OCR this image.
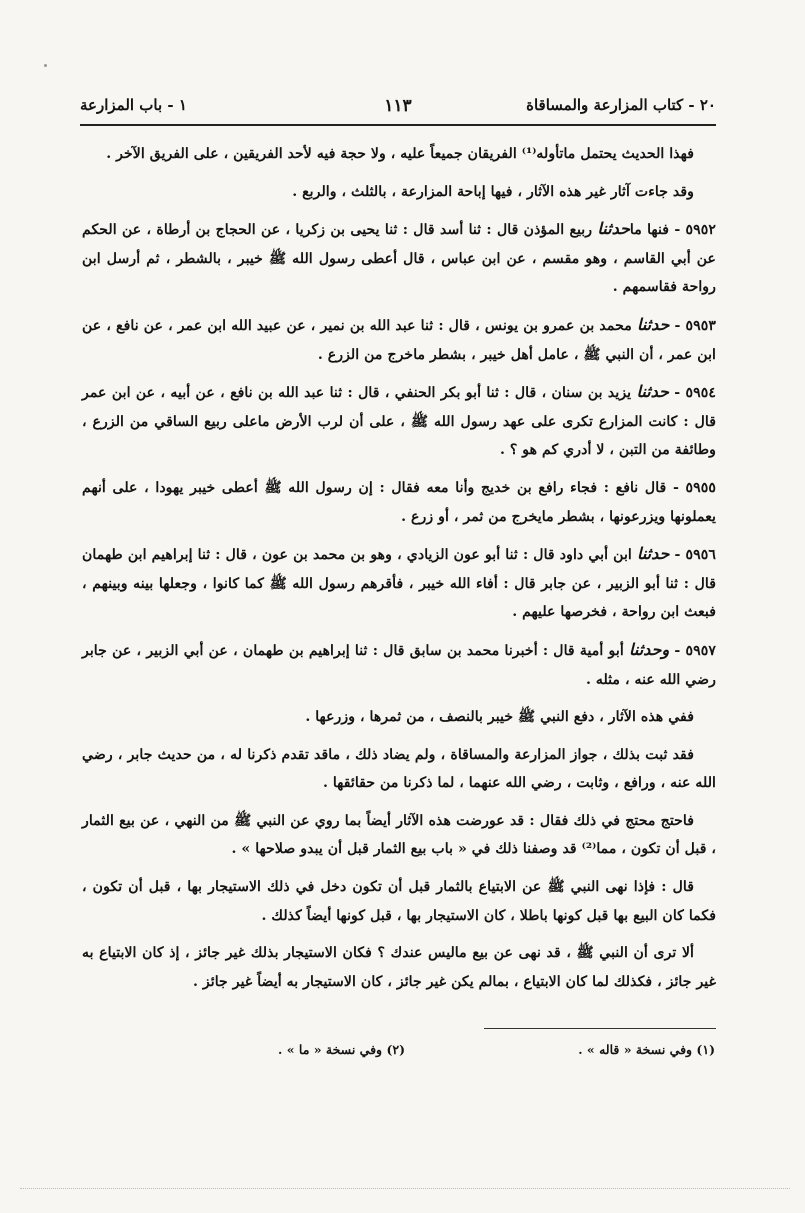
٢٠ - كتاب المزارعة والمساقاة
١١٣
١ - باب المزارعة

فهذا الحديث يحتمل ماتأوله⁽¹⁾ الفريقان جميعاً عليه ، ولا حجة فيه لأحد الفريقين ، على الفريق الآخر .

وقد جاءت آثار غير هذه الآثار ، فيها إباحة المزارعة ، بالثلث ، والربع .

٥٩٥٢ - فنها ماحدثنا ربيع المؤذن قال : ثنا أسد قال : ثنا يحيى بن زكريا ، عن الحجاج بن أرطاة ، عن الحكم عن أبي القاسم ، وهو مقسم ، عن ابن عباس ، قال أعطى رسول الله ﷺ خيبر ، بالشطر ، ثم أرسل ابن رواحة فقاسمهم .

٥٩٥٣ - حدثنا محمد بن عمرو بن يونس ، قال : ثنا عبد الله بن نمير ، عن عبيد الله ابن عمر ، عن نافع ، عن ابن عمر ، أن النبي ﷺ ، عامل أهل خيبر ، بشطر ماخرج من الزرع .

٥٩٥٤ - حدثنا يزيد بن سنان ، قال : ثنا أبو بكر الحنفي ، قال : ثنا عبد الله بن نافع ، عن أبيه ، عن ابن عمر قال : كانت المزارع تكرى على عهد رسول الله ﷺ ، على أن لرب الأرض ماعلى ربيع الساقي من الزرع ، وطائفة من التبن ، لا أدري كم هو ؟ .

٥٩٥٥ - قال نافع : فجاء رافع بن خديج وأنا معه فقال : إن رسول الله ﷺ أعطى خيبر يهودا ، على أنهم يعملونها ويزرعونها ، بشطر مايخرج من ثمر ، أو زرع .

٥٩٥٦ - حدثنا ابن أبي داود قال : ثنا أبو عون الزيادي ، وهو بن محمد بن عون ، قال : ثنا إبراهيم ابن طهمان قال : ثنا أبو الزبير ، عن جابر قال : أفاء الله خيبر ، فأقرهم رسول الله ﷺ كما كانوا ، وجعلها بينه وبينهم ، فبعث ابن رواحة ، فخرصها عليهم .

٥٩٥٧ - وحدثنا أبو أمية قال : أخبرنا محمد بن سابق قال : ثنا إبراهيم بن طهمان ، عن أبي الزبير ، عن جابر رضي الله عنه ، مثله .

ففي هذه الآثار ، دفع النبي ﷺ خيبر بالنصف ، من ثمرها ، وزرعها .

فقد ثبت بذلك ، جواز المزارعة والمساقاة ، ولم يضاد ذلك ، ماقد تقدم ذكرنا له ، من حديث جابر ، رضي الله عنه ، ورافع ، وثابت ، رضي الله عنهما ، لما ذكرنا من حقائقها .

فاحتج محتج في ذلك فقال : قد عورضت هذه الآثار أيضاً بما روي عن النبي ﷺ من النهي ، عن بيع الثمار ، قبل أن تكون ، مما⁽²⁾ قد وصفنا ذلك في « باب بيع الثمار قبل أن يبدو صلاحها » .

قال : فإذا نهى النبي ﷺ عن الابتياع بالثمار قبل أن تكون دخل في ذلك الاستيجار بها ، قبل أن تكون ، فكما كان البيع بها قبل كونها باطلا ، كان الاستيجار بها ، قبل كونها أيضاً كذلك .

ألا ترى أن النبي ﷺ ، قد نهى عن بيع ماليس عندك ؟ فكان الاستيجار بذلك غير جائز ، إذ كان الابتياع به غير جائز ، فكذلك لما كان الابتياع ، بمالم يكن غير جائز ، كان الاستيجار به أيضاً غير جائز .

(١) وفي نسخة « قاله » .
(٢) وفي نسخة « ما » .
